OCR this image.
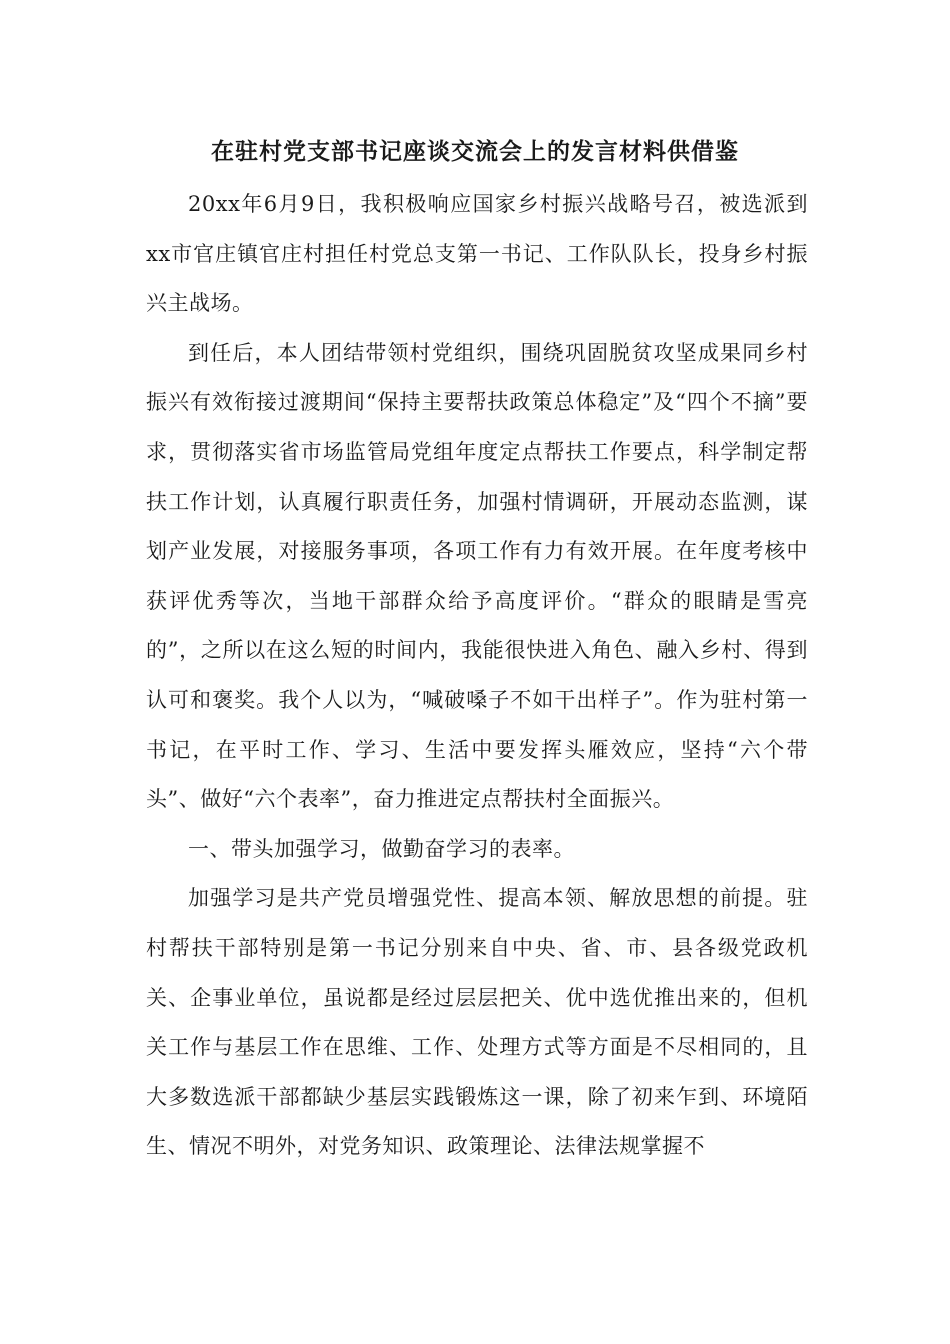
在驻村党支部书记座谈交流会上的发言材料供借鉴

20xx年6月9日，我积极响应国家乡村振兴战略号召，被选派到xx市官庄镇官庄村担任村党总支第一书记、工作队队长，投身乡村振兴主战场。

到任后，本人团结带领村党组织，围绕巩固脱贫攻坚成果同乡村振兴有效衔接过渡期间“保持主要帮扶政策总体稳定”及“四个不摘”要求，贯彻落实省市场监管局党组年度定点帮扶工作要点，科学制定帮扶工作计划，认真履行职责任务，加强村情调研，开展动态监测，谋划产业发展，对接服务事项，各项工作有力有效开展。在年度考核中获评优秀等次，当地干部群众给予高度评价。“群众的眼睛是雪亮的”，之所以在这么短的时间内，我能很快进入角色、融入乡村、得到认可和褒奖。我个人以为，“喊破嗓子不如干出样子”。作为驻村第一书记，在平时工作、学习、生活中要发挥头雁效应，坚持“六个带头”、做好“六个表率”，奋力推进定点帮扶村全面振兴。

一、带头加强学习，做勤奋学习的表率。

加强学习是共产党员增强党性、提高本领、解放思想的前提。驻村帮扶干部特别是第一书记分别来自中央、省、市、县各级党政机关、企事业单位，虽说都是经过层层把关、优中选优推出来的，但机关工作与基层工作在思维、工作、处理方式等方面是不尽相同的，且大多数选派干部都缺少基层实践锻炼这一课，除了初来乍到、环境陌生、情况不明外，对党务知识、政策理论、法律法规掌握不
